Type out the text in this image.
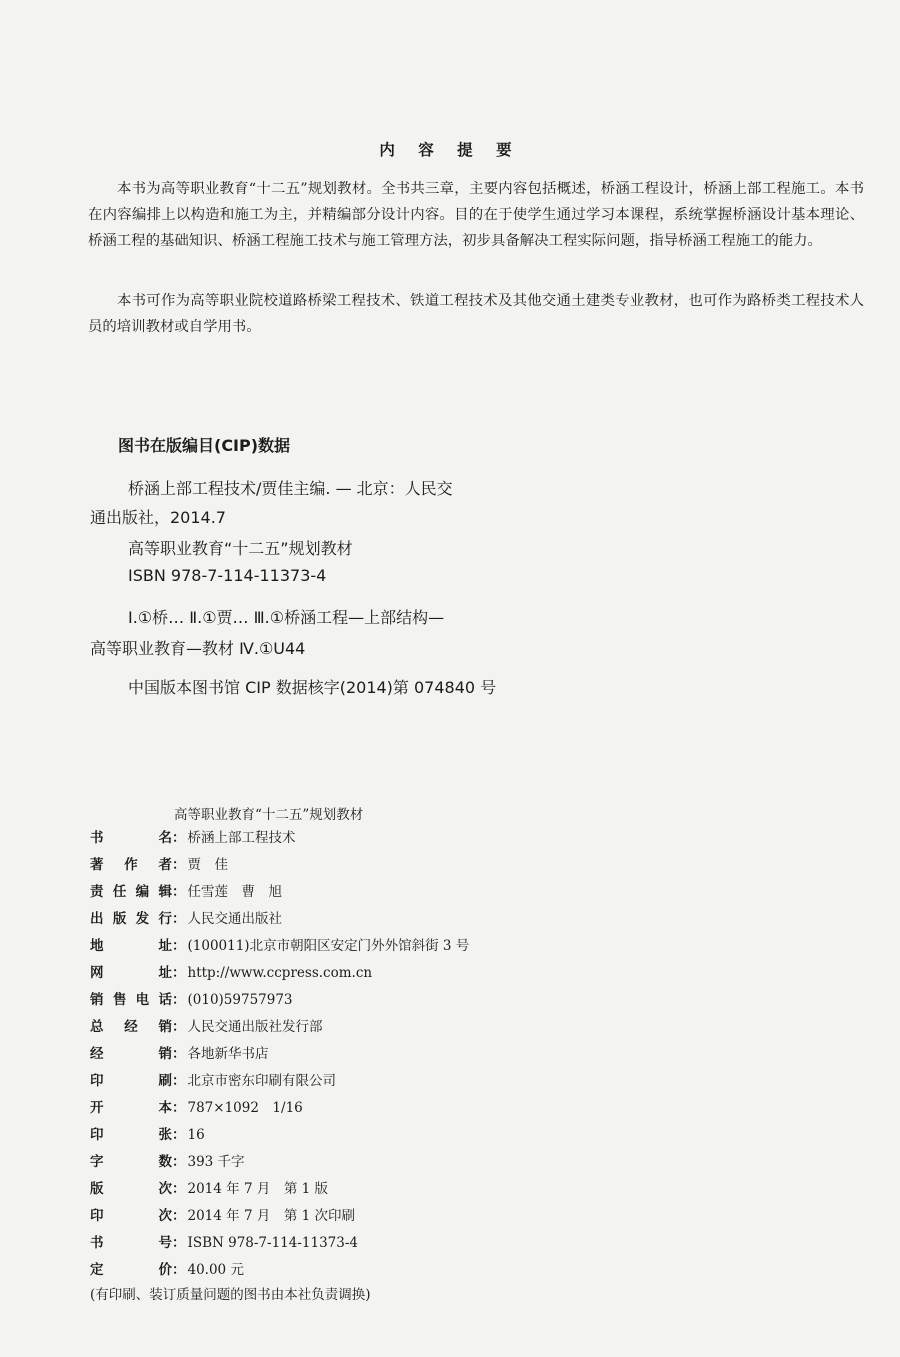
内 容 提 要

本书为高等职业教育“十二五”规划教材。全书共三章，主要内容包括概述，桥涵工程设计，桥涵上部工程施工。本书在内容编排上以构造和施工为主，并精编部分设计内容。目的在于使学生通过学习本课程，系统掌握桥涵设计基本理论、桥涵工程的基础知识、桥涵工程施工技术与施工管理方法，初步具备解决工程实际问题，指导桥涵工程施工的能力。

本书可作为高等职业院校道路桥梁工程技术、铁道工程技术及其他交通土建类专业教材，也可作为路桥类工程技术人员的培训教材或自学用书。

图书在版编目(CIP)数据
桥涵上部工程技术/贾佳主编. — 北京：人民交
通出版社，2014.7
高等职业教育“十二五”规划教材
ISBN 978-7-114-11373-4
Ⅰ.①桥… Ⅱ.①贾… Ⅲ.①桥涵工程—上部结构—
高等职业教育—教材 Ⅳ.①U44
中国版本图书馆 CIP 数据核字(2014)第 074840 号
高等职业教育“十二五”规划教材
书	名 ： 桥涵上部工程技术
著 作 者 ： 贾　佳
责 任 编 辑 ： 任雪莲　曹　旭
出 版 发 行 ： 人民交通出版社
地	址 ： (100011)北京市朝阳区安定门外外馆斜街 3 号
网	址 ： http://www.ccpress.com.cn
销 售 电 话 ： (010)59757973
总 经 销 ： 人民交通出版社发行部
经	销 ： 各地新华书店
印	刷 ： 北京市密东印刷有限公司
开	本 ： 787×1092　1/16
印	张 ： 16
字	数 ： 393 千字
版	次 ： 2014 年 7 月　第 1 版
印	次 ： 2014 年 7 月　第 1 次印刷
书	号 ： ISBN 978-7-114-11373-4
定	价 ： 40.00 元
(有印刷、装订质量问题的图书由本社负责调换)
